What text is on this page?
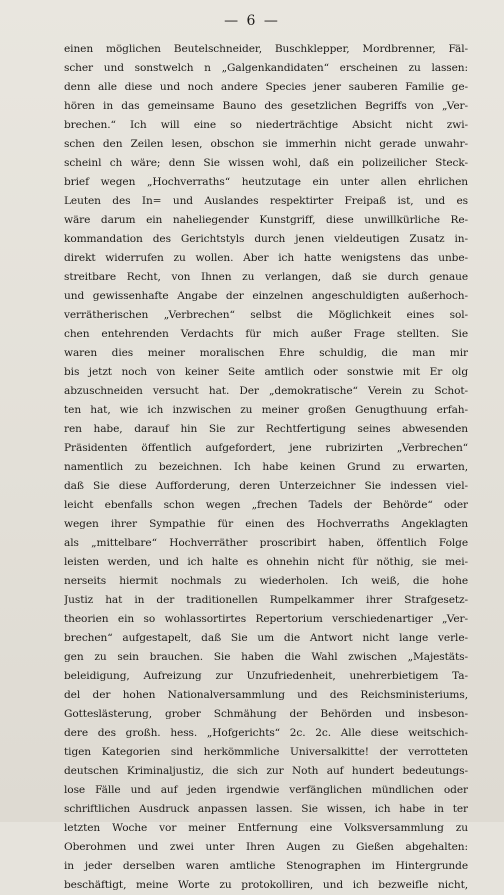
— 6 —
einen möglichen Beutelschneider, Buschklepper, Mordbrenner, Fäl-
scher und sonstwelch n „Galgenkandidaten“ erscheinen zu lassen:
denn alle diese und noch andere Species jener sauberen Familie ge-
hören in das gemeinsame Bauno des gesetzlichen Begriffs von „Ver-
brechen.“ Ich will eine so niederträchtige Absicht nicht zwi-
schen den Zeilen lesen, obschon sie immerhin nicht gerade unwahr-
scheinl ch wäre; denn Sie wissen wohl, daß ein polizeilicher Steck-
brief wegen „Hochverraths“ heutzutage ein unter allen ehrlichen
Leuten des In= und Auslandes respektirter Freipaß ist, und es
wäre darum ein naheliegender Kunstgriff, diese unwillkürliche Re-
kommandation des Gerichtstyls durch jenen vieldeutigen Zusatz in-
direkt widerrufen zu wollen. Aber ich hatte wenigstens das unbe-
streitbare Recht, von Ihnen zu verlangen, daß sie durch genaue
und gewissenhafte Angabe der einzelnen angeschuldigten außerhoch-
verrätherischen „Verbrechen“ selbst die Möglichkeit eines sol-
chen entehrenden Verdachts für mich außer Frage stellten. Sie
waren dies meiner moralischen Ehre schuldig, die man mir
bis jetzt noch von keiner Seite amtlich oder sonstwie mit Er olg
abzuschneiden versucht hat. Der „demokratische“ Verein zu Schot-
ten hat, wie ich inzwischen zu meiner großen Genugthuung erfah-
ren habe, darauf hin Sie zur Rechtfertigung seines abwesenden
Präsidenten öffentlich aufgefordert, jene rubrizirten „Verbrechen“
namentlich zu bezeichnen. Ich habe keinen Grund zu erwarten,
daß Sie diese Aufforderung, deren Unterzeichner Sie indessen viel-
leicht ebenfalls schon wegen „frechen Tadels der Behörde“ oder
wegen ihrer Sympathie für einen des Hochverraths Angeklagten
als „mittelbare“ Hochverräther proscribirt haben, öffentlich Folge
leisten werden, und ich halte es ohnehin nicht für nöthig, sie mei-
nerseits hiermit nochmals zu wiederholen. Ich weiß, die hohe
Justiz hat in der traditionellen Rumpelkammer ihrer Strafgesetz-
theorien ein so wohlassortirtes Repertorium verschiedenartiger „Ver-
brechen“ aufgestapelt, daß Sie um die Antwort nicht lange verle-
gen zu sein brauchen. Sie haben die Wahl zwischen „Majestäts-
beleidigung, Aufreizung zur Unzufriedenheit, unehrerbietigem Ta-
del der hohen Nationalversammlung und des Reichsministeriums,
Gotteslästerung, grober Schmähung der Behörden und insbeson-
dere des großh. hess. „Hofgerichts“ 2c. 2c. Alle diese weitschich-
tigen Kategorien sind herkömmliche Universalkitte! der verrotteten
deutschen Kriminaljustiz, die sich zur Noth auf hundert bedeutungs-
lose Fälle und auf jeden irgendwie verfänglichen mündlichen oder
schriftlichen Ausdruck anpassen lassen. Sie wissen, ich habe in ter
letzten Woche vor meiner Entfernung eine Volksversammlung zu
Oberohmen und zwei unter Ihren Augen zu Gießen abgehalten:
in jeder derselben waren amtliche Stenographen im Hintergrunde
beschäftigt, meine Worte zu protokolliren, und ich bezweifle nicht,
